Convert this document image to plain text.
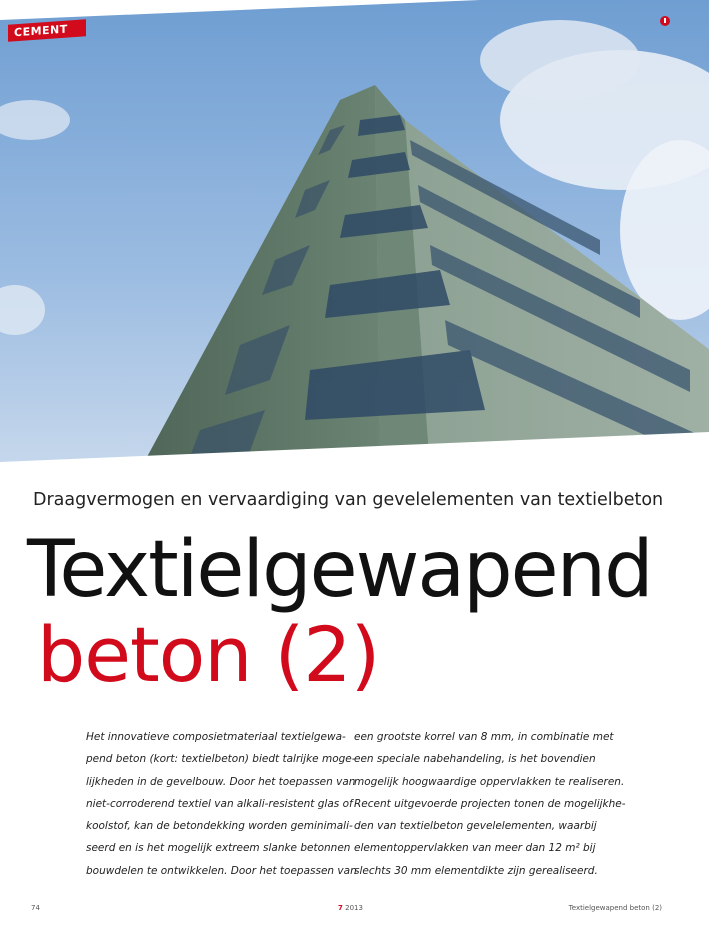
CEMENT
Draagvermogen en vervaardiging van gevelelementen van textielbeton
Textielgewapend
beton (2)
Het innovatieve composietmateriaal textielgewa-
pend beton (kort: textielbeton) biedt talrijke moge-
lijkheden in de gevelbouw. Door het toepassen van
niet-corroderend textiel van alkali-resistent glas of
koolstof, kan de betondekking worden geminimali-
seerd en is het mogelijk extreem slanke betonnen
bouwdelen te ontwikkelen. Door het toepassen van
een grootste korrel van 8 mm, in combinatie met
een speciale nabehandeling, is het bovendien
mogelijk hoogwaardige oppervlakken te realiseren.
Recent uitgevoerde projecten tonen de mogelijkhe-
den van textielbeton gevelelementen, waarbij
elementoppervlakken van meer dan 12 m² bij
slechts 30 mm elementdikte zijn gerealiseerd.
74	7 2013	Textielgewapend beton (2)
